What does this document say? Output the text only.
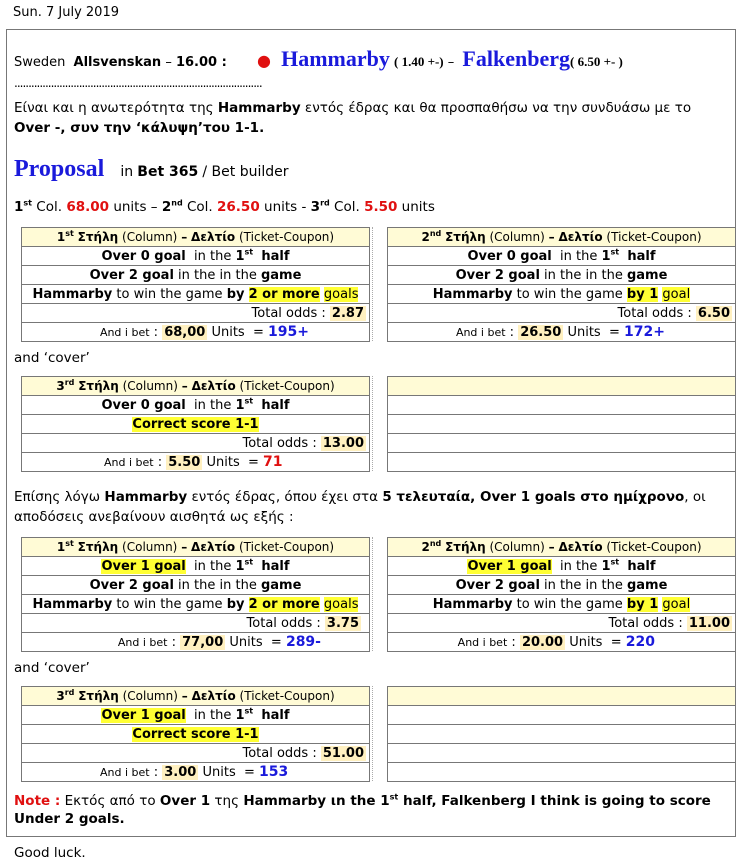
Sun. 7 July 2019
Sweden Allsvenskan – 16.00 : ● Hammarby ( 1.40 +-) – Falkenberg( 6.50 +- )
........................................................................................
Είναι και η ανωτερότητα της Hammarby εντός έδρας και θα προσπαθήσω να την συνδυάσω με το
Over -, συν την ‘κάλυψη’του 1-1.
Proposal in Bet 365 / Bet builder
1st Col. 68.00 units – 2nd Col. 26.50 units - 3rd Col. 5.50 units
1st Στήλη (Column) – Δελτίο (Ticket-Coupon)
Over 0 goal in the 1st half
Over 2 goal in the in the game
Hammarby to win the game by 2 or more goals
Total odds : 2.87
And i bet : 68,00 Units = 195+
2nd Στήλη (Column) – Δελτίο (Ticket-Coupon)
Over 0 goal in the 1st half
Over 2 goal in the in the game
Hammarby to win the game by 1 goal
Total odds : 6.50
And i bet : 26.50 Units = 172+
and ‘cover’
3rd Στήλη (Column) – Δελτίο (Ticket-Coupon)
Over 0 goal in the 1st half
Correct score 1-1
Total odds : 13.00
And i bet : 5.50 Units = 71

Επίσης λόγω Hammarby εντός έδρας, όπου έχει στα 5 τελευταία, Over 1 goals στο ημίχρονο, οι αποδόσεις ανεβαίνουν αισθητά ως εξής :
1st Στήλη (Column) – Δελτίο (Ticket-Coupon)
Over 1 goal in the 1st half
Over 2 goal in the in the game
Hammarby to win the game by 2 or more goals
Total odds : 3.75
And i bet : 77,00 Units = 289-
2nd Στήλη (Column) – Δελτίο (Ticket-Coupon)
Over 1 goal in the 1st half
Over 2 goal in the in the game
Hammarby to win the game by 1 goal
Total odds : 11.00
And i bet : 20.00 Units = 220
and ‘cover’
3rd Στήλη (Column) – Δελτίο (Ticket-Coupon)
Over 1 goal in the 1st half
Correct score 1-1
Total odds : 51.00
And i bet : 3.00 Units = 153

Note : Εκτός από το Over 1 της Hammarby ιn the 1st half, Falkenberg I think is going to score Under 2 goals.
Good luck.
